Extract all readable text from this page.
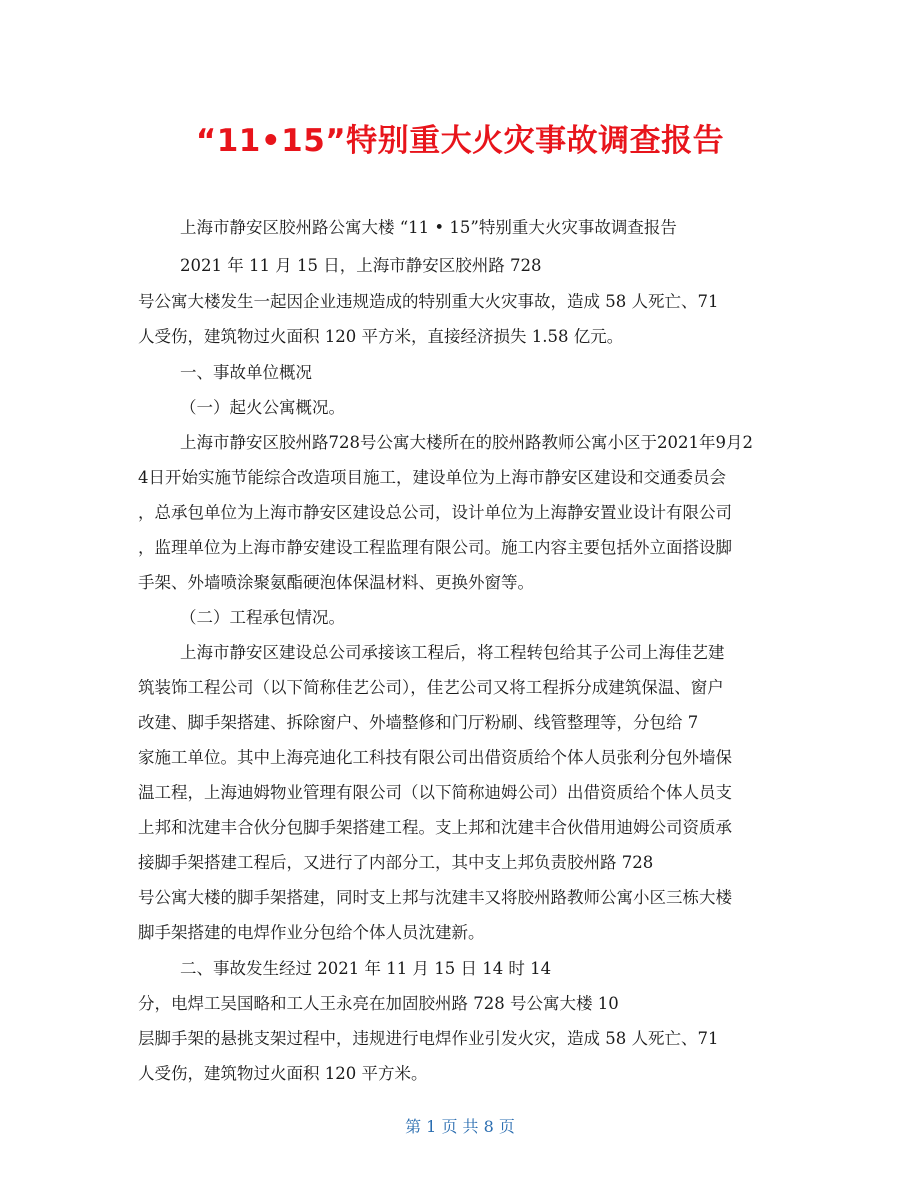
“11•15”特别重大火灾事故调查报告
上海市静安区胶州路公寓大楼 “11 • 15”特别重大火灾事故调查报告
2021 年 11 月 15 日，上海市静安区胶州路 728
号公寓大楼发生一起因企业违规造成的特别重大火灾事故，造成 58 人死亡、71
人受伤，建筑物过火面积 120 平方米，直接经济损失 1.58 亿元。
一、事故单位概况
（一）起火公寓概况。
上海市静安区胶州路728号公寓大楼所在的胶州路教师公寓小区于2021年9月2
4日开始实施节能综合改造项目施工，建设单位为上海市静安区建设和交通委员会
，总承包单位为上海市静安区建设总公司，设计单位为上海静安置业设计有限公司
，监理单位为上海市静安建设工程监理有限公司。施工内容主要包括外立面搭设脚
手架、外墙喷涂聚氨酯硬泡体保温材料、更换外窗等。
（二）工程承包情况。
上海市静安区建设总公司承接该工程后，将工程转包给其子公司上海佳艺建
筑装饰工程公司（以下简称佳艺公司），佳艺公司又将工程拆分成建筑保温、窗户
改建、脚手架搭建、拆除窗户、外墙整修和门厅粉刷、线管整理等，分包给 7
家施工单位。其中上海亮迪化工科技有限公司出借资质给个体人员张利分包外墙保
温工程，上海迪姆物业管理有限公司（以下简称迪姆公司）出借资质给个体人员支
上邦和沈建丰合伙分包脚手架搭建工程。支上邦和沈建丰合伙借用迪姆公司资质承
接脚手架搭建工程后，又进行了内部分工，其中支上邦负责胶州路 728
号公寓大楼的脚手架搭建，同时支上邦与沈建丰又将胶州路教师公寓小区三栋大楼
脚手架搭建的电焊作业分包给个体人员沈建新。
二、事故发生经过 2021 年 11 月 15 日 14 时 14
分，电焊工吴国略和工人王永亮在加固胶州路 728 号公寓大楼 10
层脚手架的悬挑支架过程中，违规进行电焊作业引发火灾，造成 58 人死亡、71
人受伤，建筑物过火面积 120 平方米。
第 1 页 共 8 页
